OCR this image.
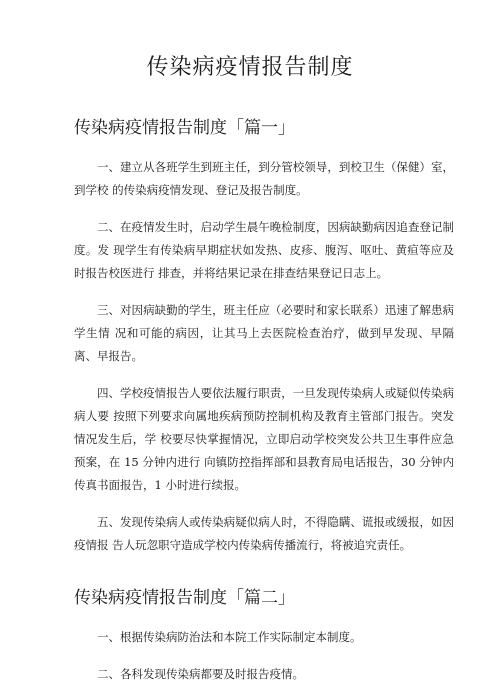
传染病疫情报告制度
传染病疫情报告制度「篇一」

一、建立从各班学生到班主任，到分管校领导，到校卫生（保健）室，到学校 的传染病疫情发现、登记及报告制度。

二、在疫情发生时，启动学生晨午晚检制度，因病缺勤病因追查登记制度。发 现学生有传染病早期症状如发热、皮疹、腹泻、呕吐、黄疸等应及时报告校医进行 排查，并将结果记录在排查结果登记日志上。

三、对因病缺勤的学生，班主任应（必要时和家长联系）迅速了解患病学生情 况和可能的病因，让其马上去医院检查治疗，做到早发现、早隔离、早报告。

四、学校疫情报告人要依法履行职责，一旦发现传染病人或疑似传染病病人要 按照下列要求向属地疾病预防控制机构及教育主管部门报告。突发情况发生后，学 校要尽快掌握情况，立即启动学校突发公共卫生事件应急预案，在 15 分钟内进行 向镇防控指挥部和县教育局电话报告，30 分钟内传真书面报告，1 小时进行续报。

五、发现传染病人或传染病疑似病人时，不得隐瞒、谎报或缓报，如因疫情报 告人玩忽职守造成学校内传染病传播流行，将被追究责任。

传染病疫情报告制度「篇二」

一、根据传染病防治法和本院工作实际制定本制度。

二、各科发现传染病都要及时报告疫情。
